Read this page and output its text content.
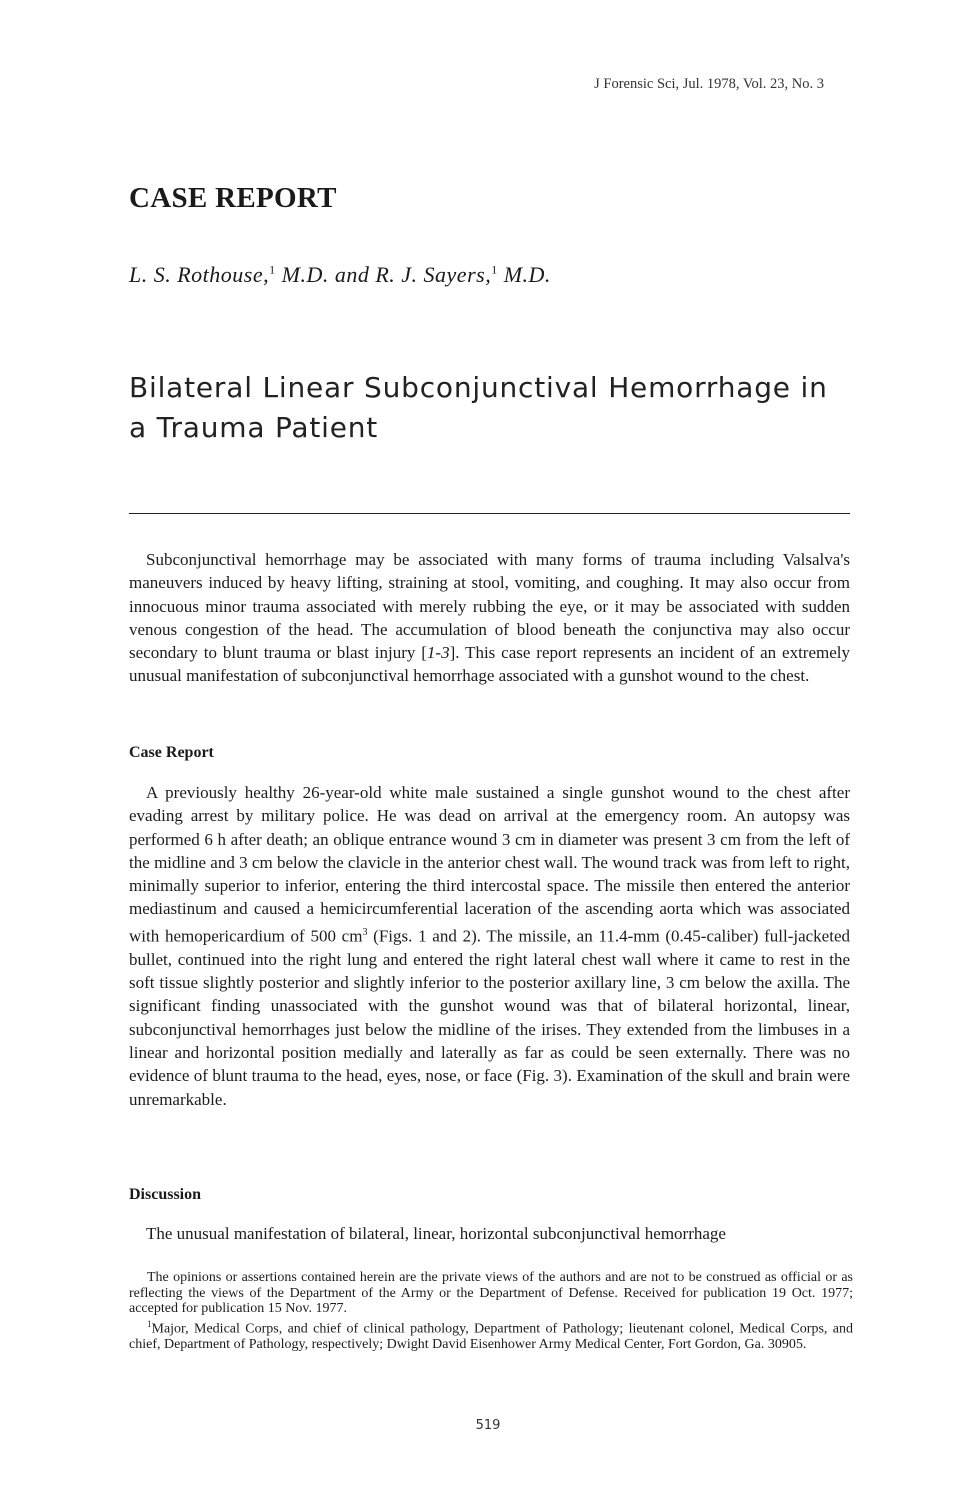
J Forensic Sci, Jul. 1978, Vol. 23, No. 3
CASE REPORT
L. S. Rothouse,$^1$ M.D. and R. J. Sayers,$^1$ M.D.
Bilateral Linear Subconjunctival Hemorrhage in a Trauma Patient

Subconjunctival hemorrhage may be associated with many forms of trauma including Valsalva's maneuvers induced by heavy lifting, straining at stool, vomiting, and coughing. It may also occur from innocuous minor trauma associated with merely rubbing the eye, or it may be associated with sudden venous congestion of the head. The accumulation of blood beneath the conjunctiva may also occur secondary to blunt trauma or blast injury [1-3]. This case report represents an incident of an extremely unusual manifestation of subconjunctival hemorrhage associated with a gunshot wound to the chest.

Case Report

A previously healthy 26-year-old white male sustained a single gunshot wound to the chest after evading arrest by military police. He was dead on arrival at the emergency room. An autopsy was performed 6 h after death; an oblique entrance wound 3 cm in diameter was present 3 cm from the left of the midline and 3 cm below the clavicle in the anterior chest wall. The wound track was from left to right, minimally superior to inferior, entering the third intercostal space. The missile then entered the anterior mediastinum and caused a hemicircumferential laceration of the ascending aorta which was associated with hemopericardium of 500 $cm^3$ (Figs. 1 and 2). The missile, an 11.4-mm (0.45-caliber) full-jacketed bullet, continued into the right lung and entered the right lateral chest wall where it came to rest in the soft tissue slightly posterior and slightly inferior to the posterior axillary line, 3 cm below the axilla. The significant finding unassociated with the gunshot wound was that of bilateral horizontal, linear, subconjunctival hemorrhages just below the midline of the irises. They extended from the limbuses in a linear and horizontal position medially and laterally as far as could be seen externally. There was no evidence of blunt trauma to the head, eyes, nose, or face (Fig. 3). Examination of the skull and brain were unremarkable.

Discussion

The unusual manifestation of bilateral, linear, horizontal subconjunctival hemorrhage

The opinions or assertions contained herein are the private views of the authors and are not to be construed as official or as reflecting the views of the Department of the Army or the Department of Defense. Received for publication 19 Oct. 1977; accepted for publication 15 Nov. 1977.

$^1$Major, Medical Corps, and chief of clinical pathology, Department of Pathology; lieutenant colonel, Medical Corps, and chief, Department of Pathology, respectively; Dwight David Eisenhower Army Medical Center, Fort Gordon, Ga. 30905.

519
